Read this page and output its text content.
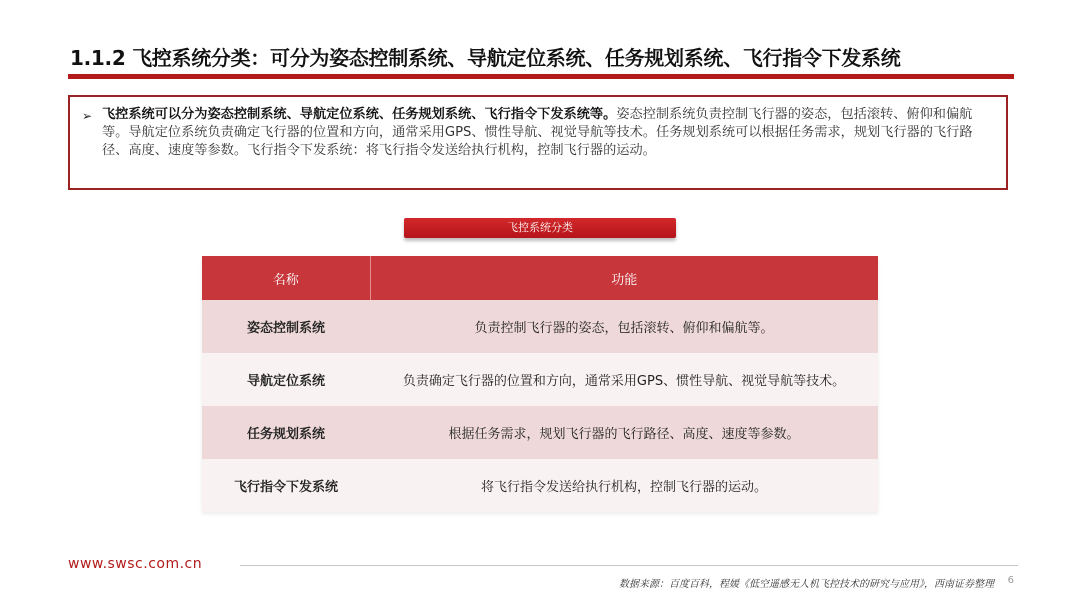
1.1.2 飞控系统分类：可分为姿态控制系统、导航定位系统、任务规划系统、飞行指令下发系统
➢ 飞控系统可以分为姿态控制系统、导航定位系统、任务规划系统、飞行指令下发系统等。姿态控制系统负责控制飞行器的姿态，包括滚转、俯仰和偏航等。导航定位系统负责确定飞行器的位置和方向，通常采用GPS、惯性导航、视觉导航等技术。任务规划系统可以根据任务需求，规划飞行器的飞行路径、高度、速度等参数。飞行指令下发系统：将飞行指令发送给执行机构，控制飞行器的运动。
飞控系统分类
名称	功能
姿态控制系统	负责控制飞行器的姿态，包括滚转、俯仰和偏航等。
导航定位系统	负责确定飞行器的位置和方向，通常采用GPS、惯性导航、视觉导航等技术。
任务规划系统	根据任务需求，规划飞行器的飞行路径、高度、速度等参数。
飞行指令下发系统	将飞行指令发送给执行机构，控制飞行器的运动。
www.swsc.com.cn
数据来源：百度百科，程媛《低空遥感无人机飞控技术的研究与应用》，西南证券整理 6
